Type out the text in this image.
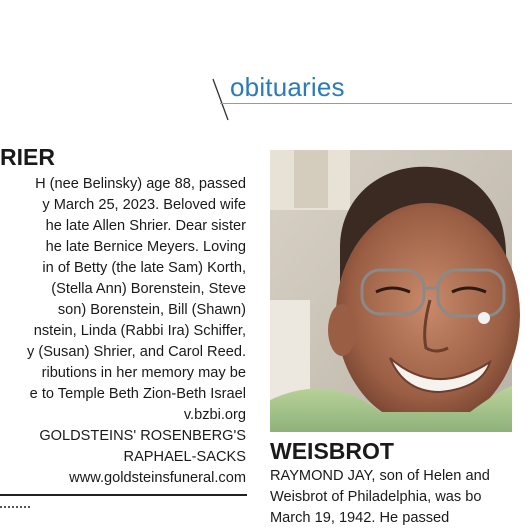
obituaries
RIER
H (nee Belinsky) age 88, passed
y March 25, 2023. Beloved wife
he late Allen Shrier. Dear sister
he late Bernice Meyers. Loving
in of Betty (the late Sam) Korth,
(Stella Ann) Borenstein, Steve
son) Borenstein, Bill (Shawn)
nstein, Linda (Rabbi Ira) Schiffer,
y (Susan) Shrier, and Carol Reed.
ributions in her memory may be
e to Temple Beth Zion-Beth Israel
v.bzbi.org
GOLDSTEINS' ROSENBERG'S
RAPHAEL-SACKS
www.goldsteinsfuneral.com
WEISBROT
RAYMOND JAY, son of Helen and
Weisbrot of Philadelphia, was bo
March 19, 1942. He passed
